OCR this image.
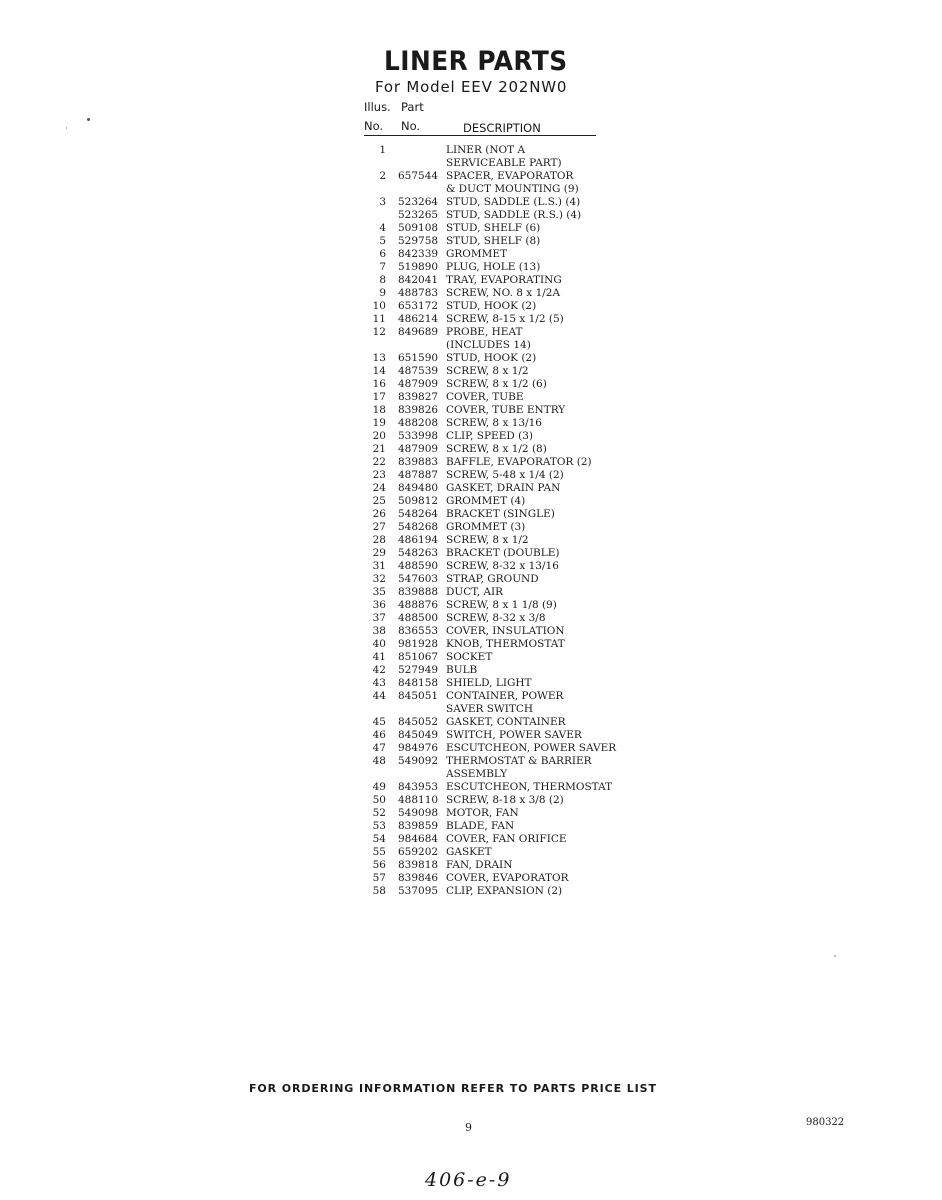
LINER PARTS
For Model EEV 202NW0
Illus. Part
No. No.	DESCRIPTION
1	LINER (NOT A
SERVICEABLE PART)
2 657544 SPACER, EVAPORATOR
& DUCT MOUNTING (9)
3 523264 STUD, SADDLE (L.S.) (4)
523265 STUD, SADDLE (R.S.) (4)
4 509108 STUD, SHELF (6)
5 529758 STUD, SHELF (8)
6 842339 GROMMET
7 519890 PLUG, HOLE (13)
8 842041 TRAY, EVAPORATING
9 488783 SCREW, NO. 8 x 1/2A
10 653172 STUD, HOOK (2)
11 486214 SCREW, 8-15 x 1/2 (5)
12 849689 PROBE, HEAT
(INCLUDES 14)
13 651590 STUD, HOOK (2)
14 487539 SCREW, 8 x 1/2
16 487909 SCREW, 8 x 1/2 (6)
17 839827 COVER, TUBE
18 839826 COVER, TUBE ENTRY
19 488208 SCREW, 8 x 13/16
20 533998 CLIP, SPEED (3)
21 487909 SCREW, 8 x 1/2 (8)
22 839883 BAFFLE, EVAPORATOR (2)
23 487887 SCREW, 5-48 x 1/4 (2)
24 849480 GASKET, DRAIN PAN
25 509812 GROMMET (4)
26 548264 BRACKET (SINGLE)
27 548268 GROMMET (3)
28 486194 SCREW, 8 x 1/2
29 548263 BRACKET (DOUBLE)
31 488590 SCREW, 8-32 x 13/16
32 547603 STRAP, GROUND
35 839888 DUCT, AIR
36 488876 SCREW, 8 x 1 1/8 (9)
37 488500 SCREW, 8-32 x 3/8
38 836553 COVER, INSULATION
40 981928 KNOB, THERMOSTAT
41 851067 SOCKET
42 527949 BULB
43 848158 SHIELD, LIGHT
44 845051 CONTAINER, POWER
SAVER SWITCH
45 845052 GASKET, CONTAINER
46 845049 SWITCH, POWER SAVER
47 984976 ESCUTCHEON, POWER SAVER
48 549092 THERMOSTAT & BARRIER
ASSEMBLY
49 843953 ESCUTCHEON, THERMOSTAT
50 488110 SCREW, 8-18 x 3/8 (2)
52 549098 MOTOR, FAN
53 839859 BLADE, FAN
54 984684 COVER, FAN ORIFICE
55 659202 GASKET
56 839818 FAN, DRAIN
57 839846 COVER, EVAPORATOR
58 537095 CLIP, EXPANSION (2)
FOR ORDERING INFORMATION REFER TO PARTS PRICE LIST
9	980322
406-e-9
